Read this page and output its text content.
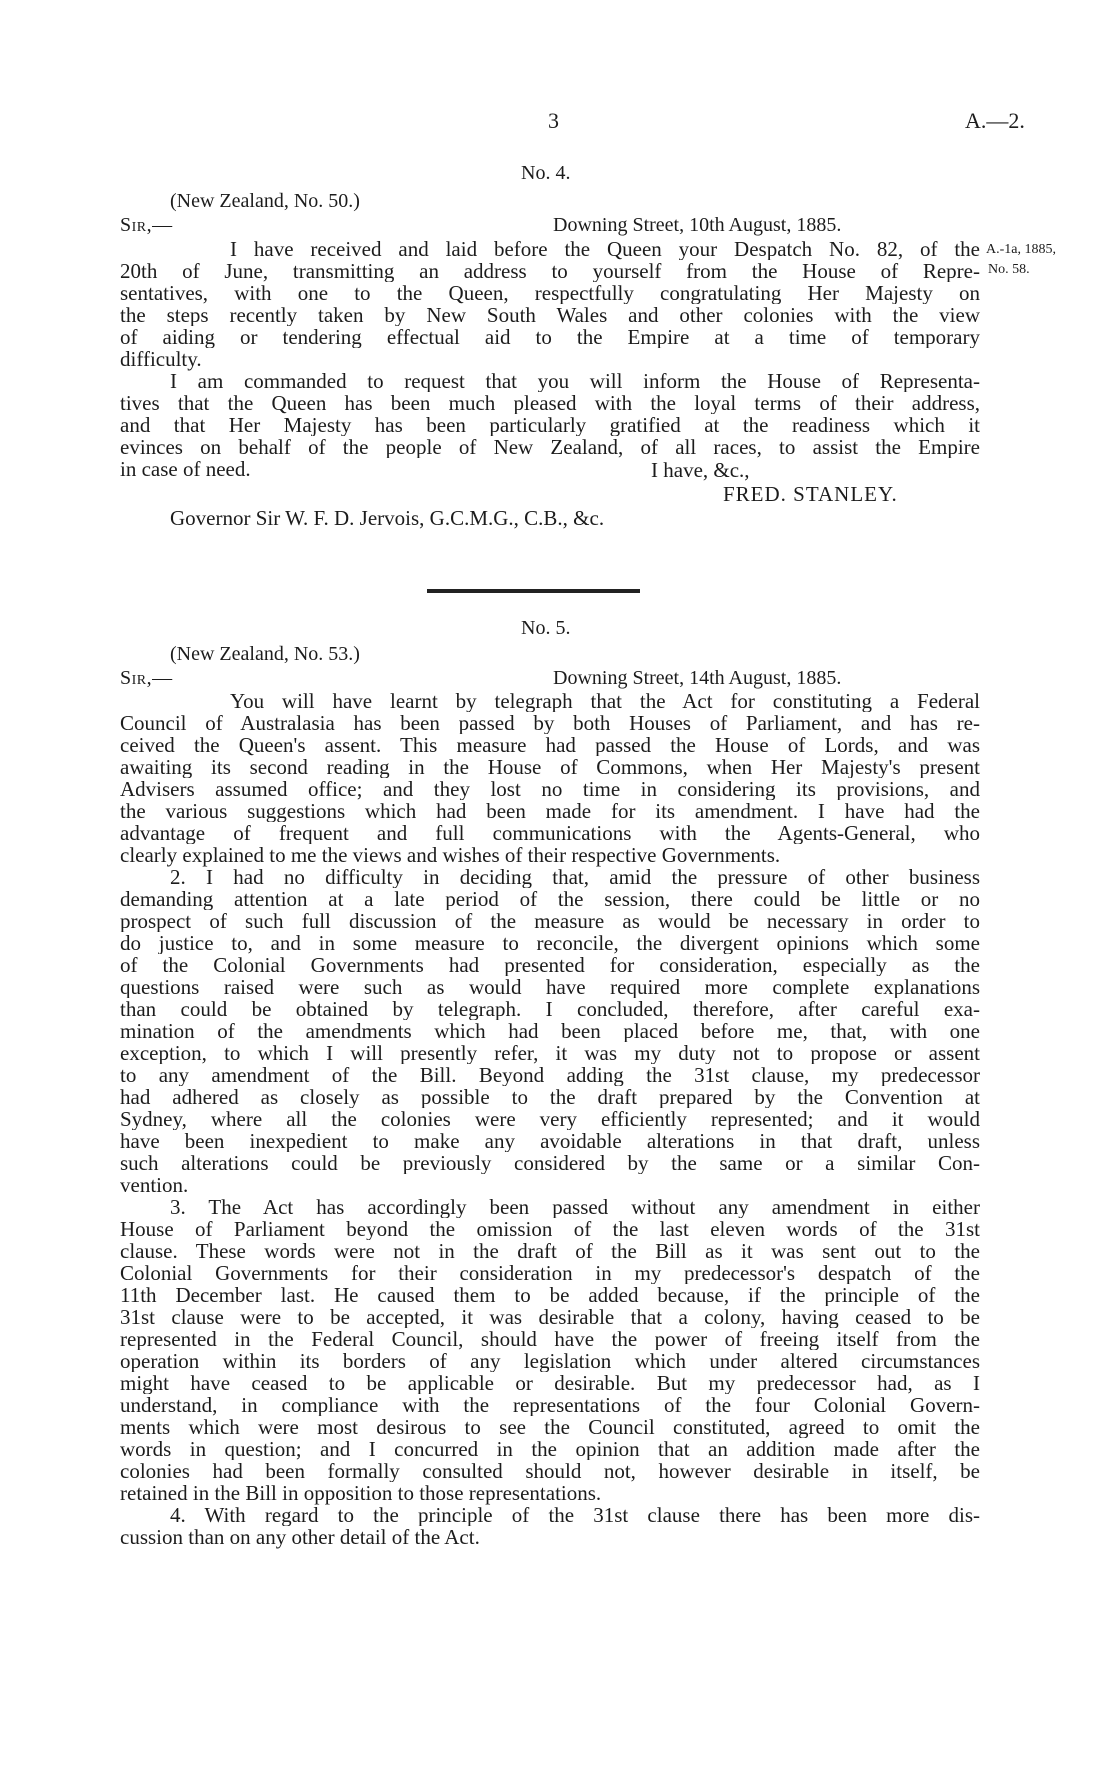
3	A.—2.
No. 4.
(New Zealand, No. 50.)
Sir,—	Downing Street, 10th August, 1885.
A.-1a, 1885,
No. 58.
I have received and laid before the Queen your Despatch No. 82, of the
20th of June, transmitting an address to yourself from the House of Repre-
sentatives, with one to the Queen, respectfully congratulating Her Majesty on
the steps recently taken by New South Wales and other colonies with the view
of aiding or tendering effectual aid to the Empire at a time of temporary
difficulty.
I am commanded to request that you will inform the House of Representa-
tives that the Queen has been much pleased with the loyal terms of their address,
and that Her Majesty has been particularly gratified at the readiness which it
evinces on behalf of the people of New Zealand, of all races, to assist the Empire
in case of need.	I have, &c.,
FRED. STANLEY.
Governor Sir W. F. D. Jervois, G.C.M.G., C.B., &c.
No. 5.
(New Zealand, No. 53.)
Sir,—	Downing Street, 14th August, 1885.
You will have learnt by telegraph that the Act for constituting a Federal
Council of Australasia has been passed by both Houses of Parliament, and has re-
ceived the Queen's assent. This measure had passed the House of Lords, and was
awaiting its second reading in the House of Commons, when Her Majesty's present
Advisers assumed office; and they lost no time in considering its provisions, and
the various suggestions which had been made for its amendment. I have had the
advantage of frequent and full communications with the Agents-General, who
clearly explained to me the views and wishes of their respective Governments.
2. I had no difficulty in deciding that, amid the pressure of other business
demanding attention at a late period of the session, there could be little or no
prospect of such full discussion of the measure as would be necessary in order to
do justice to, and in some measure to reconcile, the divergent opinions which some
of the Colonial Governments had presented for consideration, especially as the
questions raised were such as would have required more complete explanations
than could be obtained by telegraph. I concluded, therefore, after careful exa-
mination of the amendments which had been placed before me, that, with one
exception, to which I will presently refer, it was my duty not to propose or assent
to any amendment of the Bill. Beyond adding the 31st clause, my predecessor
had adhered as closely as possible to the draft prepared by the Convention at
Sydney, where all the colonies were very efficiently represented; and it would
have been inexpedient to make any avoidable alterations in that draft, unless
such alterations could be previously considered by the same or a similar Con-
vention.
3. The Act has accordingly been passed without any amendment in either
House of Parliament beyond the omission of the last eleven words of the 31st
clause. These words were not in the draft of the Bill as it was sent out to the
Colonial Governments for their consideration in my predecessor's despatch of the
11th December last. He caused them to be added because, if the principle of the
31st clause were to be accepted, it was desirable that a colony, having ceased to be
represented in the Federal Council, should have the power of freeing itself from the
operation within its borders of any legislation which under altered circumstances
might have ceased to be applicable or desirable. But my predecessor had, as I
understand, in compliance with the representations of the four Colonial Govern-
ments which were most desirous to see the Council constituted, agreed to omit the
words in question; and I concurred in the opinion that an addition made after the
colonies had been formally consulted should not, however desirable in itself, be
retained in the Bill in opposition to those representations.
4. With regard to the principle of the 31st clause there has been more dis-
cussion than on any other detail of the Act.
